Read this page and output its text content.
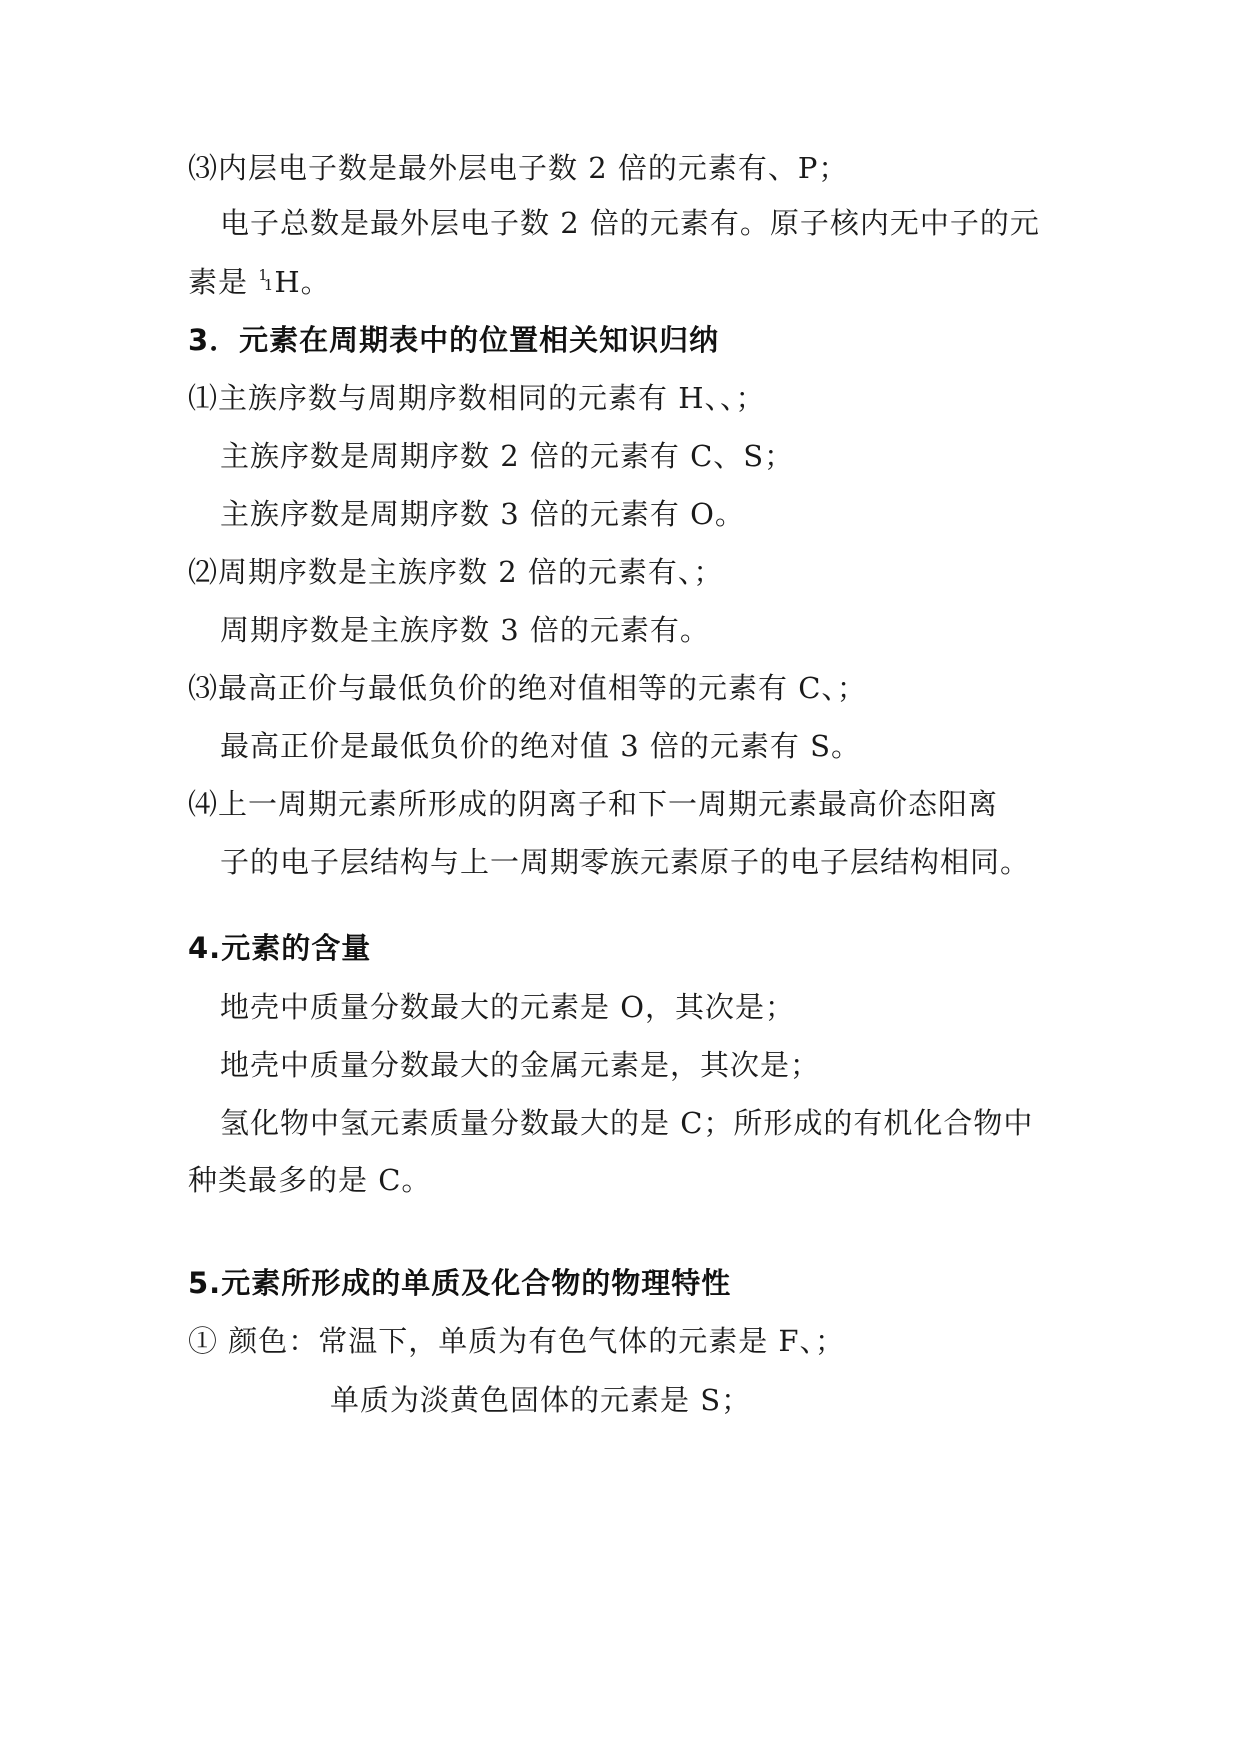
⑶内层电子数是最外层电子数 2 倍的元素有、P；
电子总数是最外层电子数 2 倍的元素有。原子核内无中子的元
素是 11H。
3．元素在周期表中的位置相关知识归纳
⑴主族序数与周期序数相同的元素有 H、、；
主族序数是周期序数 2 倍的元素有 C、S；
主族序数是周期序数 3 倍的元素有 O。
⑵周期序数是主族序数 2 倍的元素有、；
周期序数是主族序数 3 倍的元素有。
⑶最高正价与最低负价的绝对值相等的元素有 C、；
最高正价是最低负价的绝对值 3 倍的元素有 S。
⑷上一周期元素所形成的阴离子和下一周期元素最高价态阳离
子的电子层结构与上一周期零族元素原子的电子层结构相同。
4.元素的含量
地壳中质量分数最大的元素是 O，其次是；
地壳中质量分数最大的金属元素是，其次是；
氢化物中氢元素质量分数最大的是 C；所形成的有机化合物中
种类最多的是 C。
5.元素所形成的单质及化合物的物理特性
① 颜色：常温下，单质为有色气体的元素是 F、；
单质为淡黄色固体的元素是 S；
